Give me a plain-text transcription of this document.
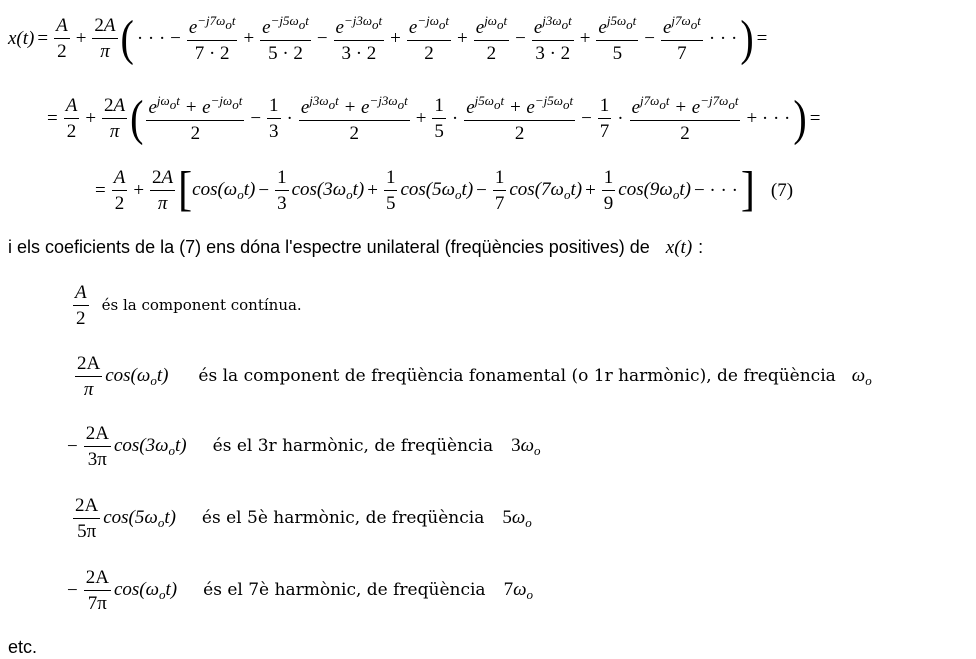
$x(t) = \frac{A}{2} + \frac{2A}{\pi}$ ( · · · − $\frac{e^{-j7\omega_ot}}{7 \cdot 2} + \frac{e^{-j5\omega_ot}}{5 \cdot 2} - \frac{e^{-j3\omega_ot}}{3 \cdot 2} + \frac{e^{-j\omega_ot}}{2} + \frac{e^{j\omega_ot}}{2} - \frac{e^{j3\omega_ot}}{3 \cdot 2} + \frac{e^{j5\omega_ot}}{5} - \frac{e^{j7\omega_ot}}{7}$ · · · ) =
= $\frac{A}{2} + \frac{2A}{\pi}$ ( $\frac{e^{j\omega_ot} + e^{-j\omega_ot}}{2} - \frac{1}{3} \cdot \frac{e^{j3\omega_ot} + e^{-j3\omega_ot}}{2} + \frac{1}{5} \cdot \frac{e^{j5\omega_ot} + e^{-j5\omega_ot}}{2} - \frac{1}{7} \cdot \frac{e^{j7\omega_ot} + e^{-j7\omega_ot}}{2}$ + · · · ) =
= $\frac{A}{2} + \frac{2A}{\pi}$ [ $\cos(\omega_ot) - \frac{1}{3} \cos(3\omega_ot) + \frac{1}{5} \cos(5\omega_ot) - \frac{1}{7} \cos(7\omega_ot) + \frac{1}{9} \cos(9\omega_ot)$ − · · · ] (7)
i els coeficients de la (7) ens dóna l'espectre unilateral (freqüències positives) de x(t) :
$\frac{A}{2}$ és la component contínua.
$\frac{2A}{\pi} \cos(\omega_ot)$ és la component de freqüència fonamental (o 1r harmònic), de freqüència $\omega_o$
− $\frac{2A}{3\pi} \cos(3\omega_ot)$ és el 3r harmònic, de freqüència $3\omega_o$
$\frac{2A}{5\pi} \cos(5\omega_ot)$ és el 5è harmònic, de freqüència $5\omega_o$
− $\frac{2A}{7\pi} \cos(\omega_ot)$ és el 7è harmònic, de freqüència $7\omega_o$
etc.
